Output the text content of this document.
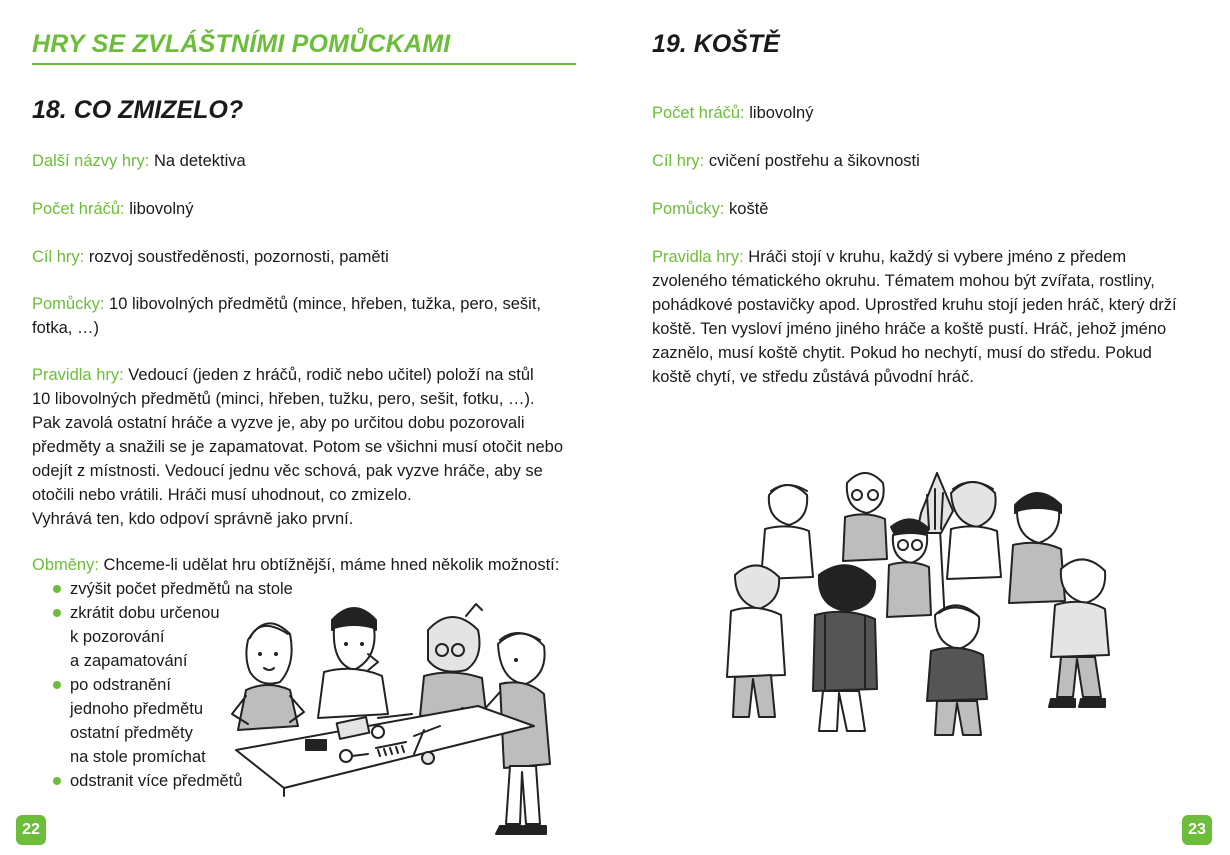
HRY SE ZVLÁŠTNÍMI POMŮCKAMI
18. CO ZMIZELO?

Další názvy hry: Na detektiva

Počet hráčů: libovolný

Cíl hry: rozvoj soustředěnosti, pozornosti, paměti

Pomůcky: 10 libovolných předmětů (mince, hřeben, tužka, pero, sešit,
fotka, …)
Pravidla hry: Vedoucí (jeden z hráčů, rodič nebo učitel) položí na stůl
10 libovolných předmětů (minci, hřeben, tužku, pero, sešit, fotku, …).
Pak zavolá ostatní hráče a vyzve je, aby po určitou dobu pozorovali
předměty a snažili se je zapamatovat. Potom se všichni musí otočit nebo
odejít z místnosti. Vedoucí jednu věc schová, pak vyzve hráče, aby se
otočili nebo vrátili. Hráči musí uhodnout, co zmizelo.
Vyhrává ten, kdo odpoví správně jako první.

Obměny: Chceme-li udělat hru obtížnější, máme hned několik možností:

zvýšit počet předmětů na stole
zkrátit dobu určenou
k pozorování
a zapamatování
po odstranění
jednoho předmětu
ostatní předměty
na stole promíchat
odstranit více předmětů
22
19. KOŠTĚ

Počet hráčů: libovolný

Cíl hry: cvičení postřehu a šikovnosti

Pomůcky: koště

Pravidla hry: Hráči stojí v kruhu, každý si vybere jméno z předem
zvoleného tématického okruhu. Tématem mohou být zvířata, rostliny,
pohádkové postavičky apod. Uprostřed kruhu stojí jeden hráč, který drží
koště. Ten vysloví jméno jiného hráče a koště pustí. Hráč, jehož jméno
zaznělo, musí koště chytit. Pokud ho nechytí, musí do středu. Pokud
koště chytí, ve středu zůstává původní hráč.
23
